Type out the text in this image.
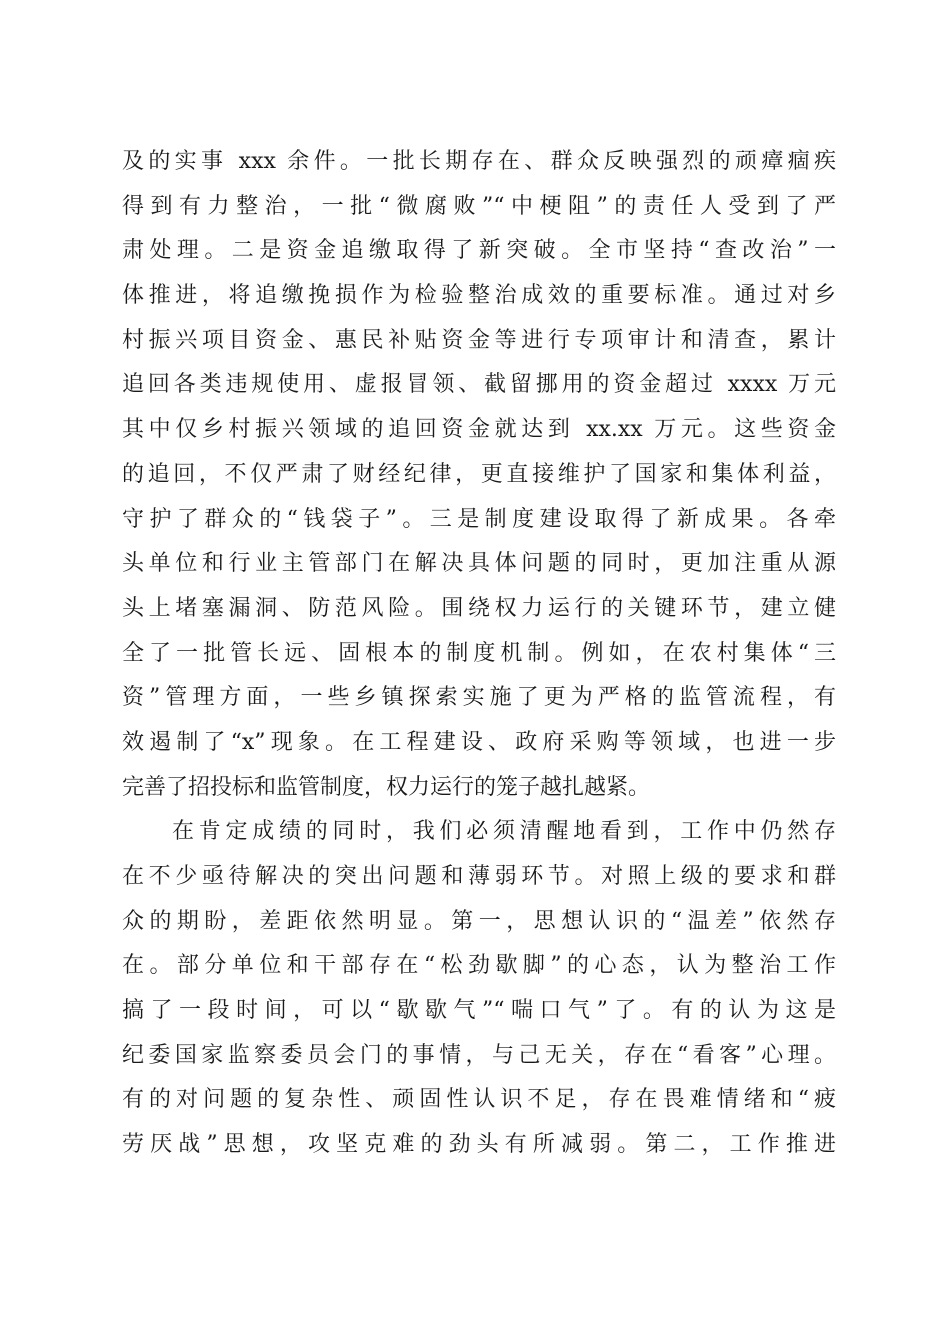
及的实事 xxx 余件。一批长期存在、群众反映强烈的顽瘴痼疾
得到有力整治，一批“微腐败”“中梗阻”的责任人受到了严
肃处理。二是资金追缴取得了新突破。全市坚持“查改治”一
体推进，将追缴挽损作为检验整治成效的重要标准。通过对乡
村振兴项目资金、惠民补贴资金等进行专项审计和清查，累计
追回各类违规使用、虚报冒领、截留挪用的资金超过 xxxx 万元
其中仅乡村振兴领域的追回资金就达到 xx.xx 万元。这些资金
的追回，不仅严肃了财经纪律，更直接维护了国家和集体利益，
守护了群众的“钱袋子”。三是制度建设取得了新成果。各牵
头单位和行业主管部门在解决具体问题的同时，更加注重从源
头上堵塞漏洞、防范风险。围绕权力运行的关键环节，建立健
全了一批管长远、固根本的制度机制。例如，在农村集体“三
资”管理方面，一些乡镇探索实施了更为严格的监管流程，有
效遏制了“x”现象。在工程建设、政府采购等领域，也进一步
完善了招投标和监管制度，权力运行的笼子越扎越紧。
在肯定成绩的同时，我们必须清醒地看到，工作中仍然存
在不少亟待解决的突出问题和薄弱环节。对照上级的要求和群
众的期盼，差距依然明显。第一，思想认识的“温差”依然存
在。部分单位和干部存在“松劲歇脚”的心态，认为整治工作
搞了一段时间，可以“歇歇气”“喘口气”了。有的认为这是
纪委国家监察委员会门的事情，与己无关，存在“看客”心理。
有的对问题的复杂性、顽固性认识不足，存在畏难情绪和“疲
劳厌战”思想，攻坚克难的劲头有所减弱。第二，工作推进
